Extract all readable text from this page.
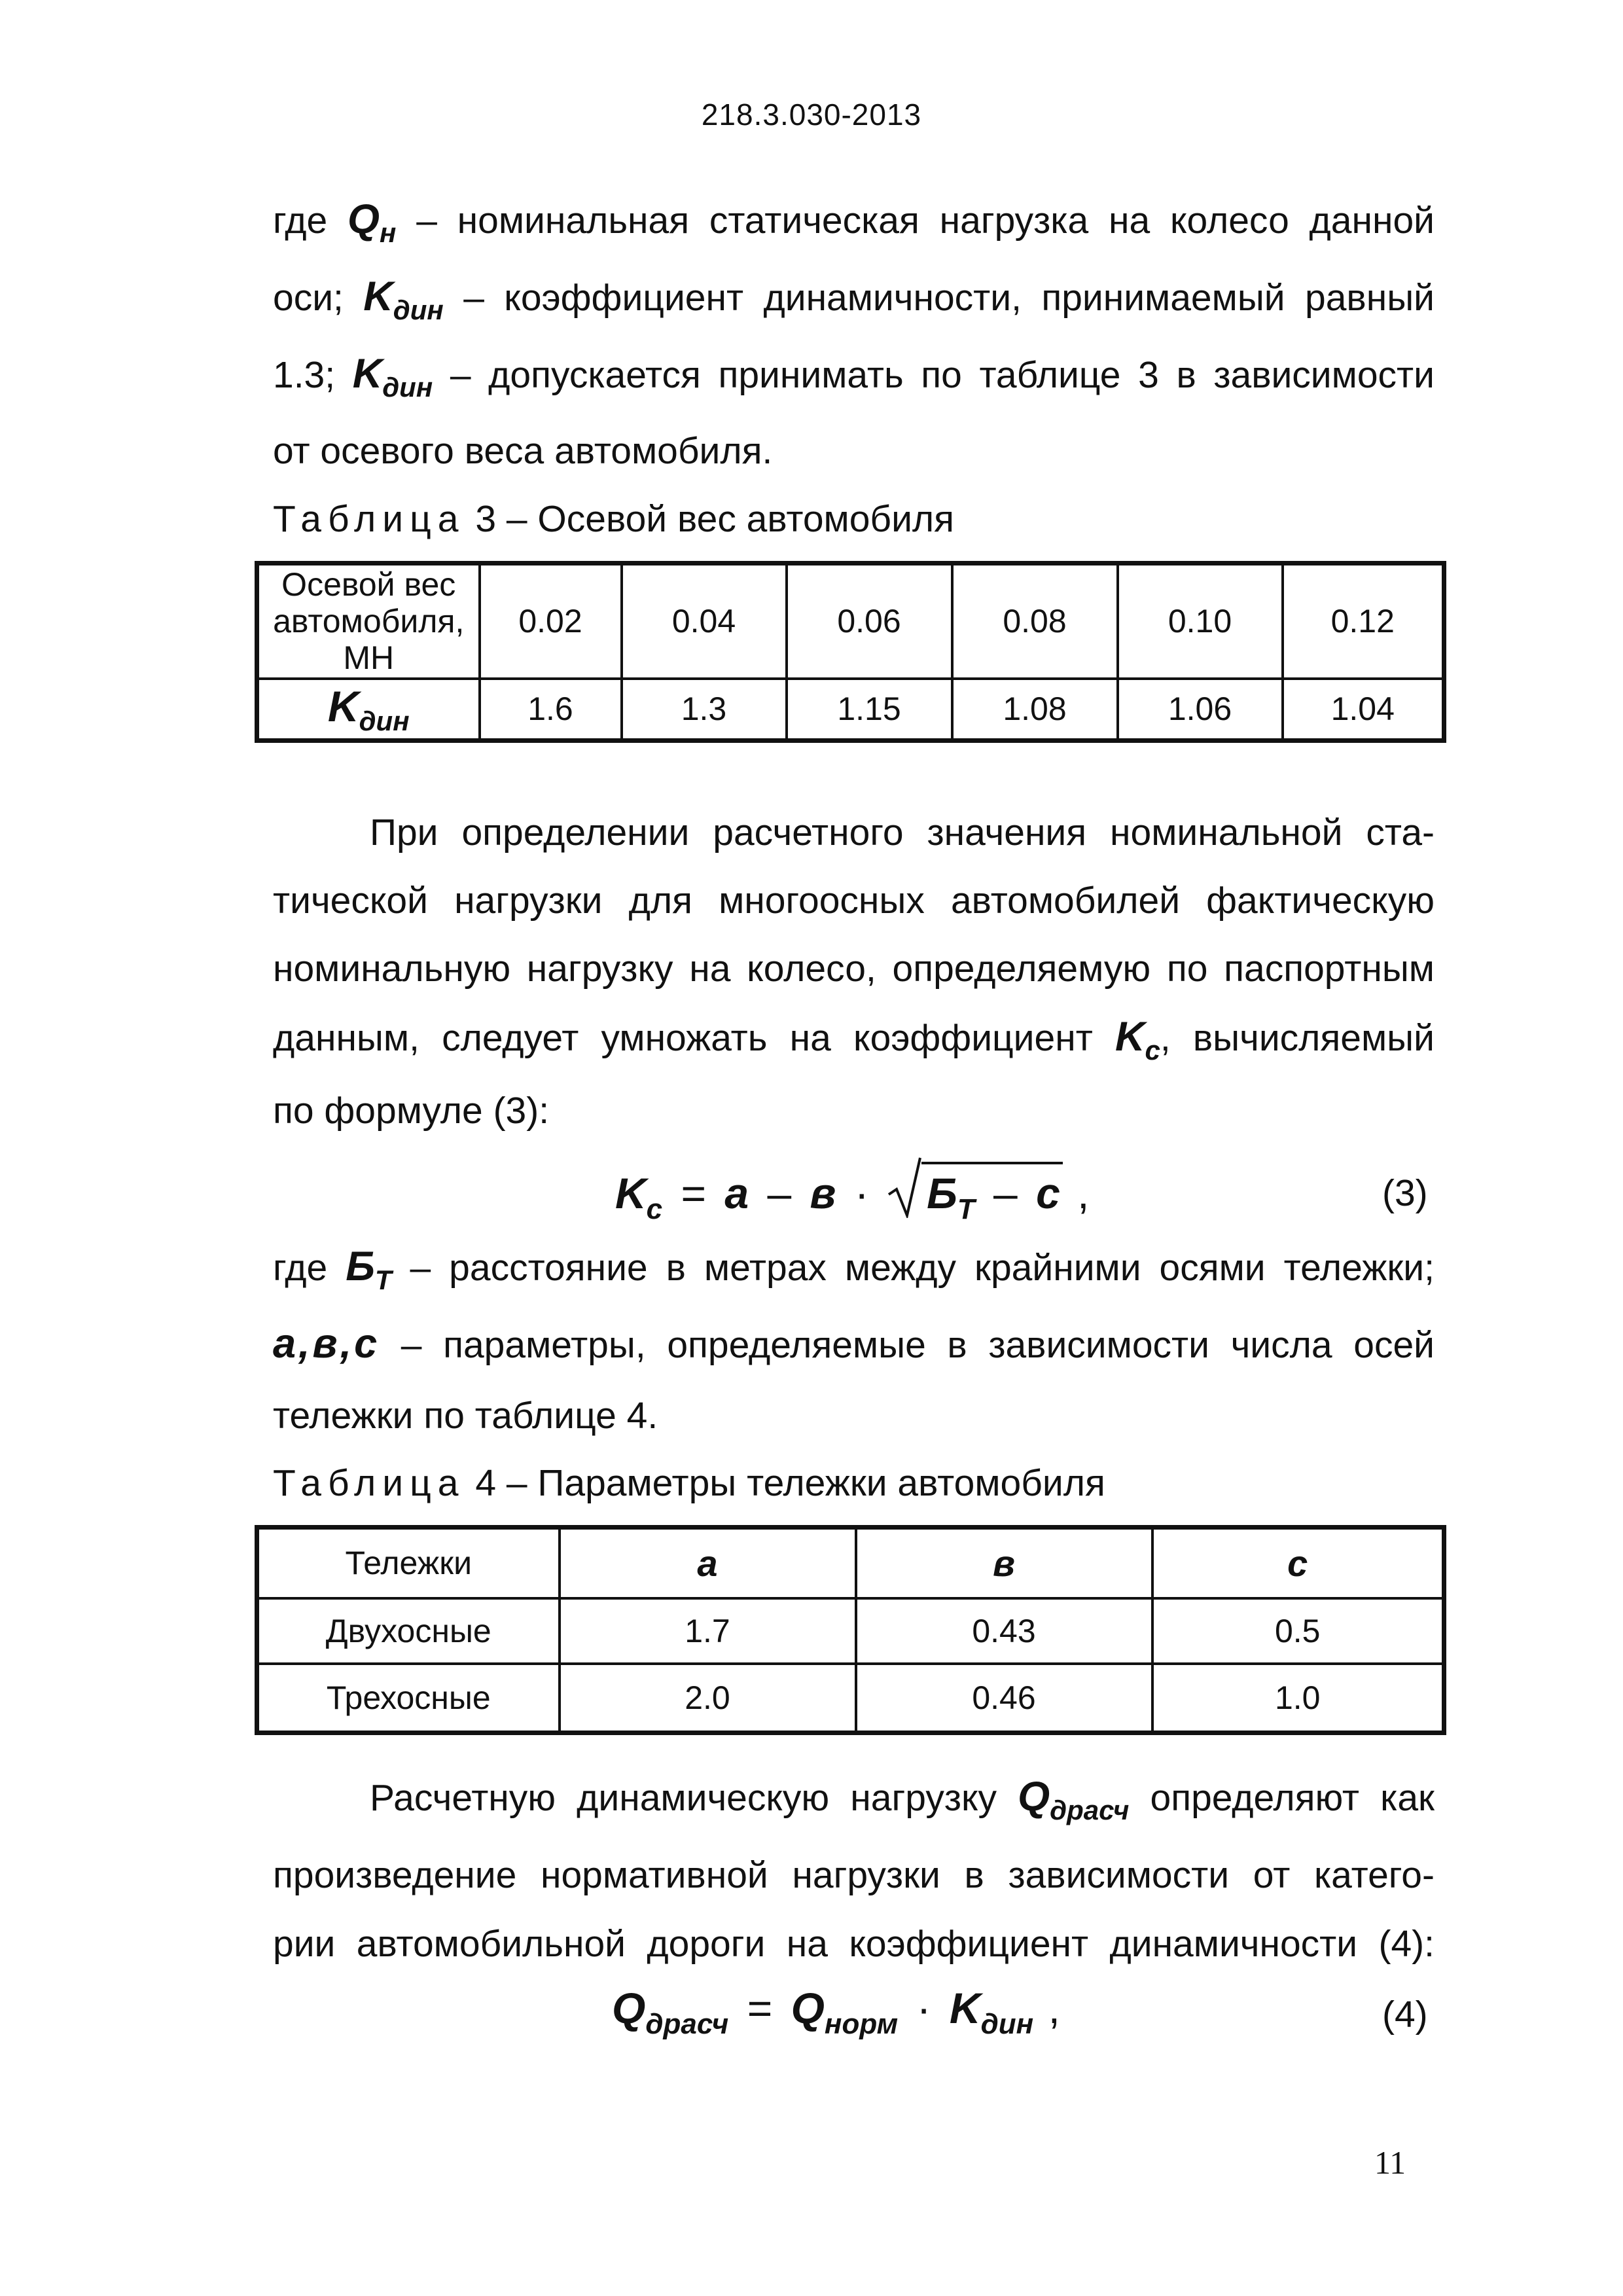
218.3.030-2013
где $Q_н$ – номинальная статическая нагрузка на колесо данной
оси; $K_{дин}$ – коэффициент динамичности, принимаемый равный
1.3; $K_{дин}$ – допускается принимать по таблице 3 в зависимости
от осевого веса автомобиля.
Таблица 3 – Осевой вес автомобиля
Осевой вес
автомобиля,
МН	0.02	0.04	0.06	0.08	0.10	0.12
$K_{дин}$	1.6	1.3	1.15	1.08	1.06	1.04
При определении расчетного значения номинальной ста-
тической нагрузки для многоосных автомобилей фактическую
номинальную нагрузку на колесо, определяемую по паспортным
данным, следует умножать на коэффициент $K_c$, вычисляемый
по формуле (3):
$K_c = a - в \cdot Б_T - c$ ,	(3)
где $Б_T$ – расстояние в метрах между крайними осями тележки;
a,в,c – параметры, определяемые в зависимости числа осей
тележки по таблице 4.
Таблица 4 – Параметры тележки автомобиля
Тележки	a	в	c
Двухосные	1.7	0.43	0.5
Трехосные	2.0	0.46	1.0
Расчетную динамическую нагрузку $Q_{драсч}$ определяют как
произведение нормативной нагрузки в зависимости от катего-
рии автомобильной дороги на коэффициент динамичности (4):
$Q_{драсч} = Q_{норм} \cdot K_{дин}$ ,	(4)
11
